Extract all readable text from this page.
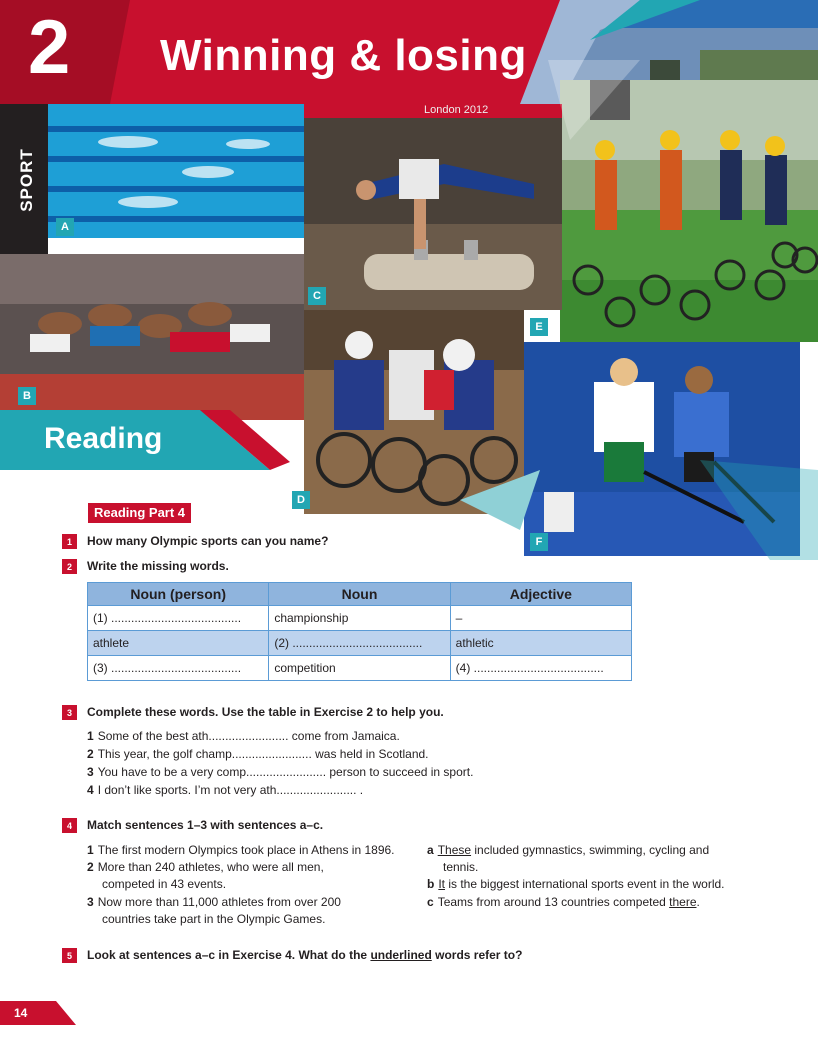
2 Winning & losing
London 2012
SPORT
Reading
A
B
C
D
E
F
Reading Part 4
1	How many Olympic sports can you name?
2	Write the missing words.
Noun (person)	Noun	Adjective
(1) .......................................	championship	–
athlete	(2) .......................................	athletic
(3) .......................................	competition	(4) .......................................
3	Complete these words. Use the table in Exercise 2 to help you.
1 Some of the best ath........................ come from Jamaica.
2 This year, the golf champ........................ was held in Scotland.
3 You have to be a very comp........................ person to succeed in sport.
4 I don’t like sports. I’m not very ath........................ .
4	Match sentences 1–3 with sentences a–c.
1 The first modern Olympics took place in Athens in 1896.
2 More than 240 athletes, who were all men,
competed in 43 events.
3 Now more than 11,000 athletes from over 200
countries take part in the Olympic Games.
a These included gymnastics, swimming, cycling and
tennis.
b It is the biggest international sports event in the world.
c Teams from around 13 countries competed there.
5	Look at sentences a–c in Exercise 4. What do the underlined words refer to?
14
